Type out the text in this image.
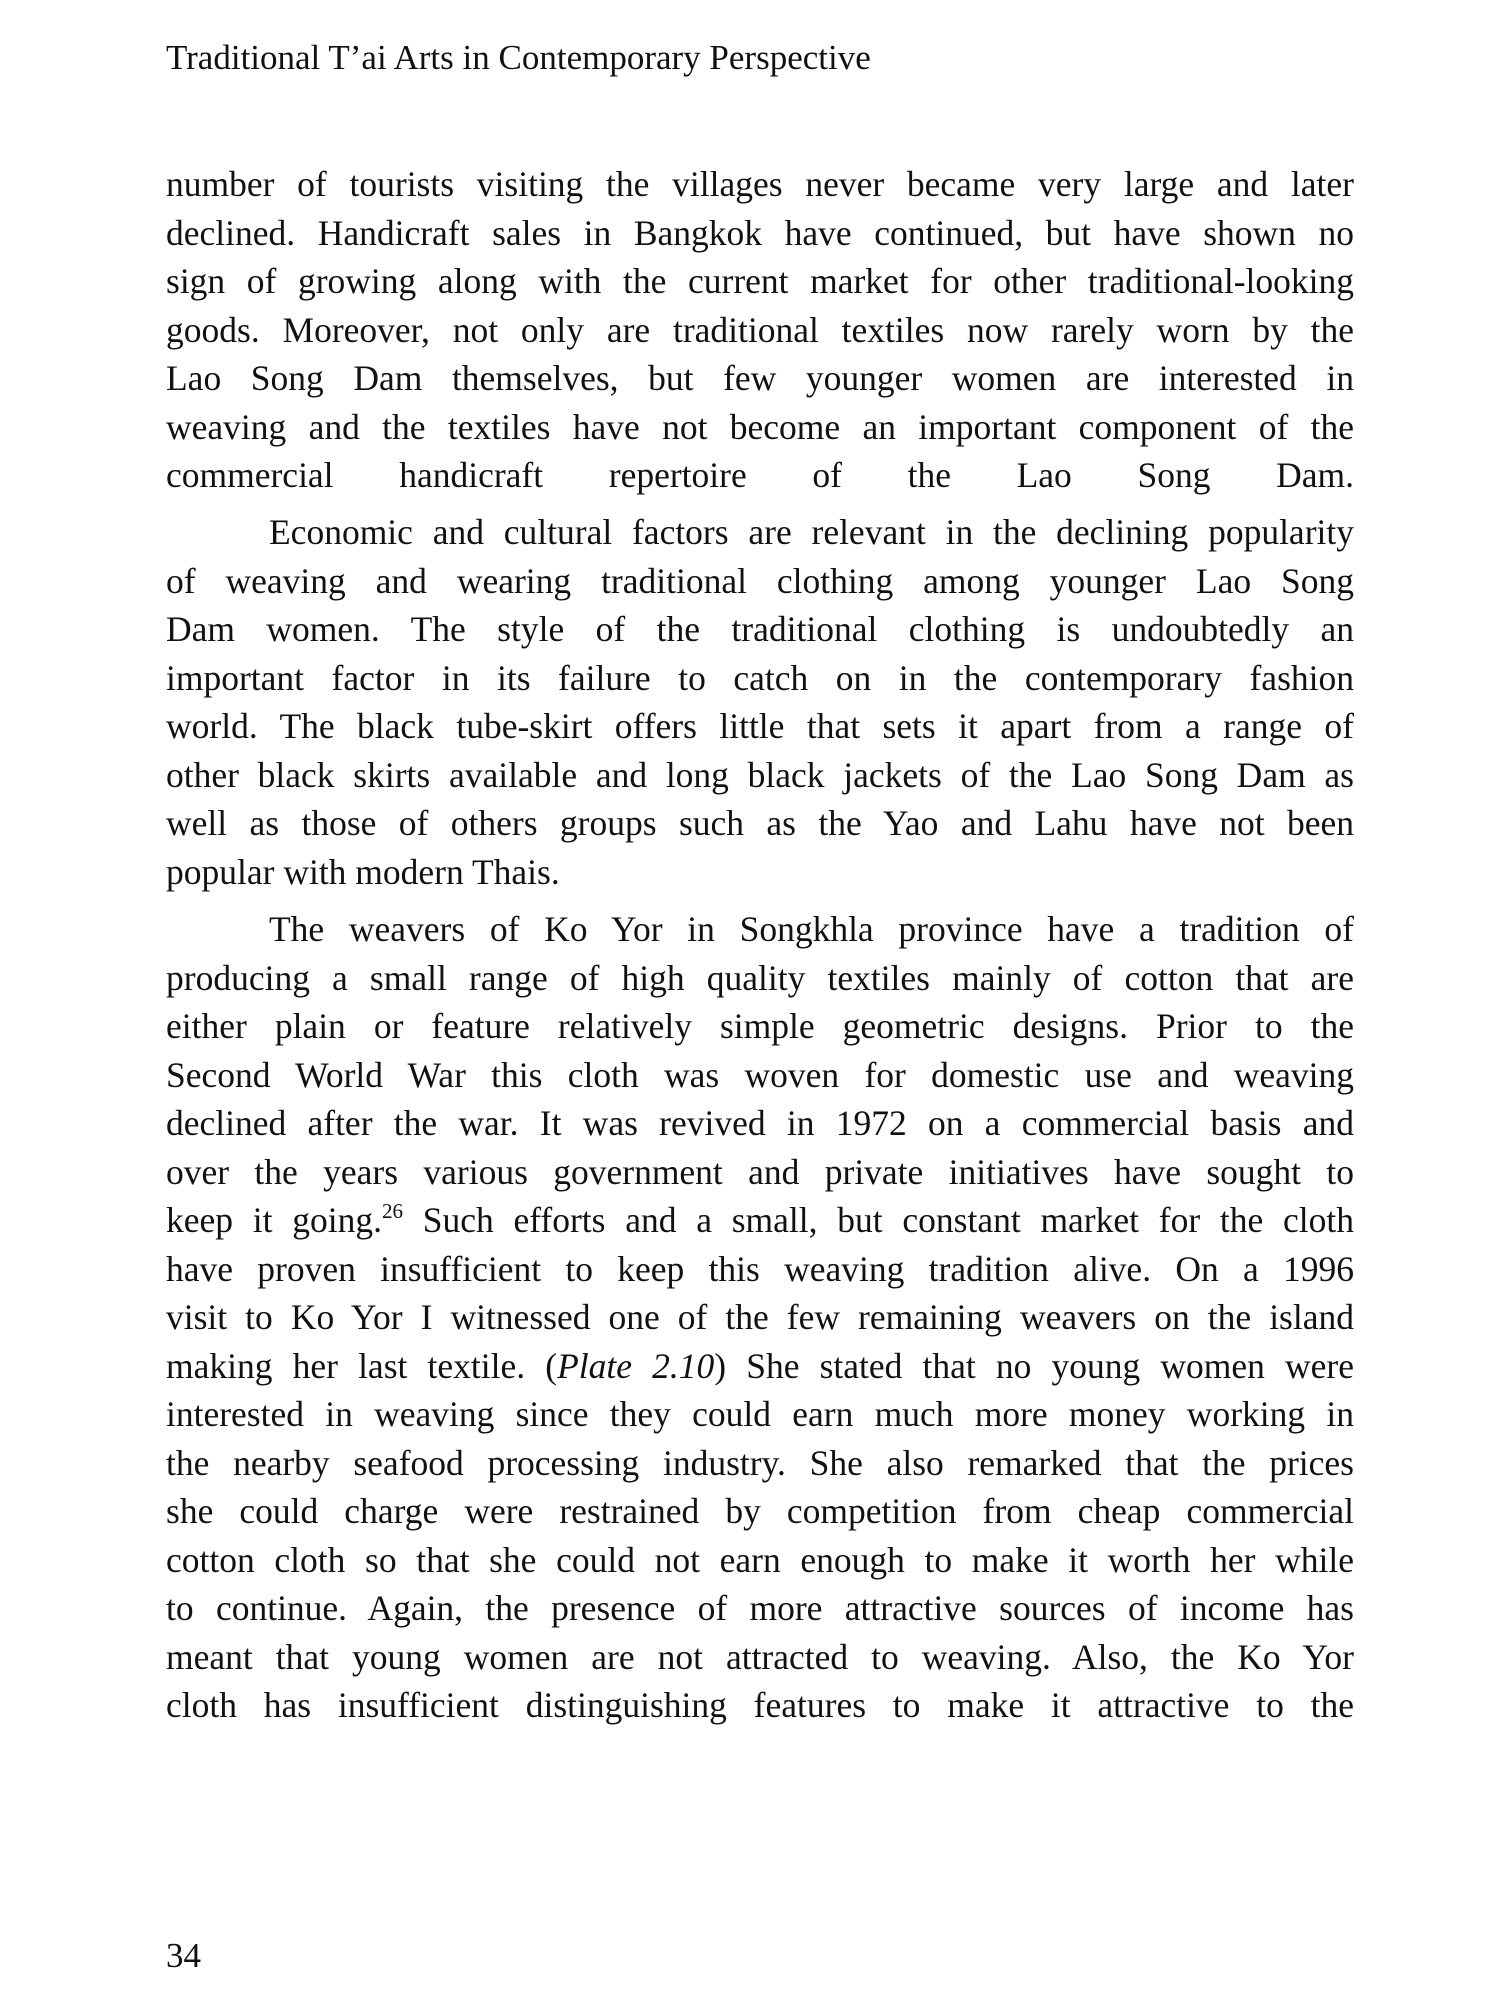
Traditional T’ai Arts in Contemporary Perspective
number of tourists visiting the villages never became very large and later
declined. Handicraft sales in Bangkok have continued, but have shown no
sign of growing along with the current market for other traditional-looking
goods. Moreover, not only are traditional textiles now rarely worn by the
Lao Song Dam themselves, but few younger women are interested in
weaving and the textiles have not become an important component of the
commercial handicraft repertoire of the Lao Song Dam.
Economic and cultural factors are relevant in the declining popularity
of weaving and wearing traditional clothing among younger Lao Song
Dam women. The style of the traditional clothing is undoubtedly an
important factor in its failure to catch on in the contemporary fashion
world. The black tube-skirt offers little that sets it apart from a range of
other black skirts available and long black jackets of the Lao Song Dam as
well as those of others groups such as the Yao and Lahu have not been
popular with modern Thais.
The weavers of Ko Yor in Songkhla province have a tradition of
producing a small range of high quality textiles mainly of cotton that are
either plain or feature relatively simple geometric designs. Prior to the
Second World War this cloth was woven for domestic use and weaving
declined after the war. It was revived in 1972 on a commercial basis and
over the years various government and private initiatives have sought to
keep it going.$^{26}$ Such efforts and a small, but constant market for the cloth
have proven insufficient to keep this weaving tradition alive. On a 1996
visit to Ko Yor I witnessed one of the few remaining weavers on the island
making her last textile. (Plate 2.10) She stated that no young women were
interested in weaving since they could earn much more money working in
the nearby seafood processing industry. She also remarked that the prices
she could charge were restrained by competition from cheap commercial
cotton cloth so that she could not earn enough to make it worth her while
to continue. Again, the presence of more attractive sources of income has
meant that young women are not attracted to weaving. Also, the Ko Yor
cloth has insufficient distinguishing features to make it attractive to the
34
